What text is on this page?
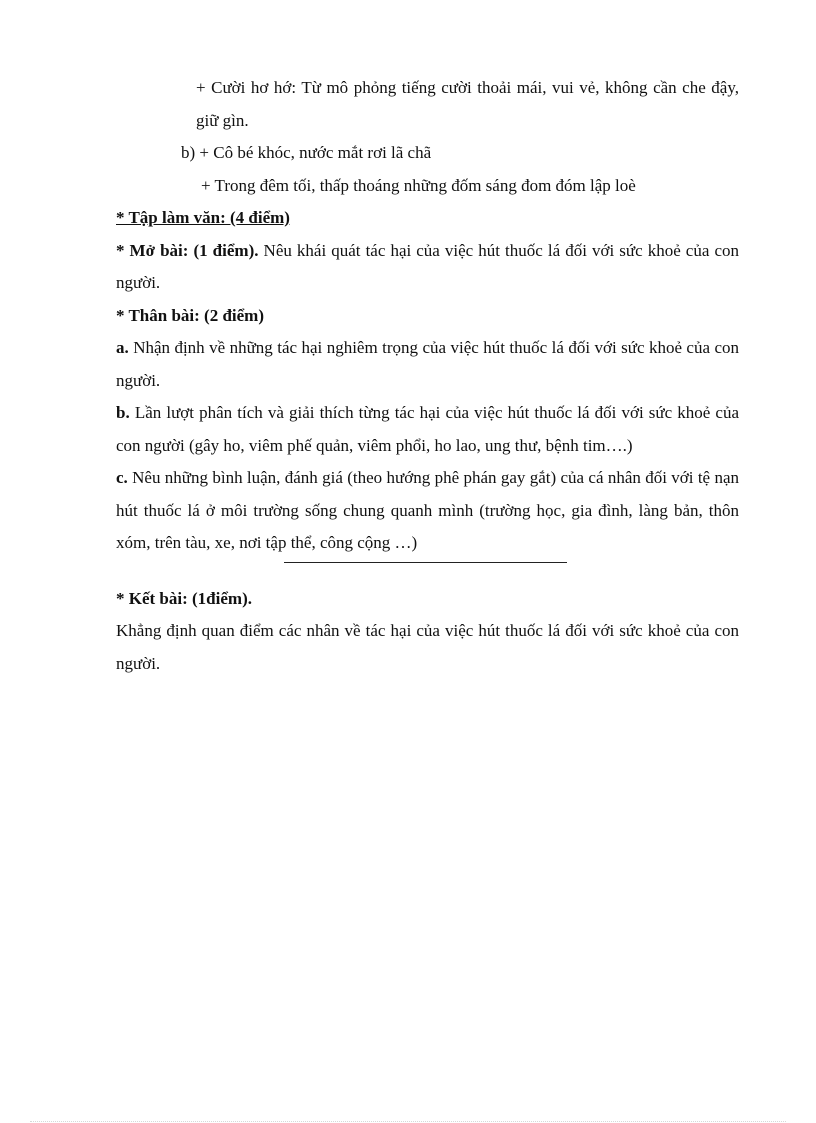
+ Cười hơ hớ: Từ mô phỏng tiếng cười thoải mái, vui vẻ, không cần che đậy, giữ gìn.

b) + Cô bé khóc, nước mắt rơi lã chã

+ Trong đêm tối, thấp thoáng những đốm sáng đom đóm lập loè

* Tập làm văn: (4 điểm)

* Mở bài: (1 điểm). Nêu khái quát tác hại của việc hút thuốc lá đối với sức khoẻ của con người.

* Thân bài: (2 điểm)

a. Nhận định về những tác hại nghiêm trọng của việc hút thuốc lá đối với sức khoẻ của con người.

b. Lần lượt phân tích và giải thích từng tác hại của việc hút thuốc lá đối với sức khoẻ của con người (gây ho, viêm phế quản, viêm phổi, ho lao, ung thư, bệnh tim….)

c. Nêu những bình luận, đánh giá (theo hướng phê phán gay gắt) của cá nhân đối với tệ nạn hút thuốc lá ở môi trường sống chung quanh mình (trường học, gia đình, làng bản, thôn xóm, trên tàu, xe, nơi tập thể, công cộng …)

* Kết bài: (1điểm).

Khẳng định quan điểm các nhân về tác hại của việc hút thuốc lá đối với sức khoẻ của con người.
